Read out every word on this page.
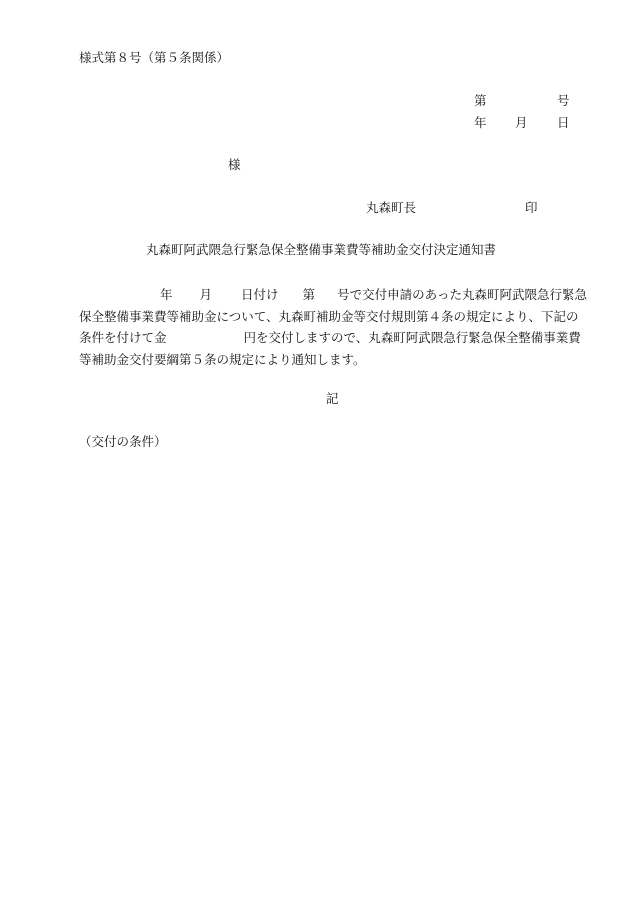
様式第８号（第５条関係）
第	号
年 月 日
様
丸森町長	印
丸森町阿武隈急行緊急保全整備事業費等補助金交付決定通知書
年 月 日付け 第 号で交付申請のあった丸森町阿武隈急行緊急保全整備事業費等補助金について、丸森町補助金等交付規則第４条の規定により、下記の条件を付けて金	円を交付しますので、丸森町阿武隈急行緊急保全整備事業費等補助金交付要綱第５条の規定により通知します。
記
（交付の条件）
